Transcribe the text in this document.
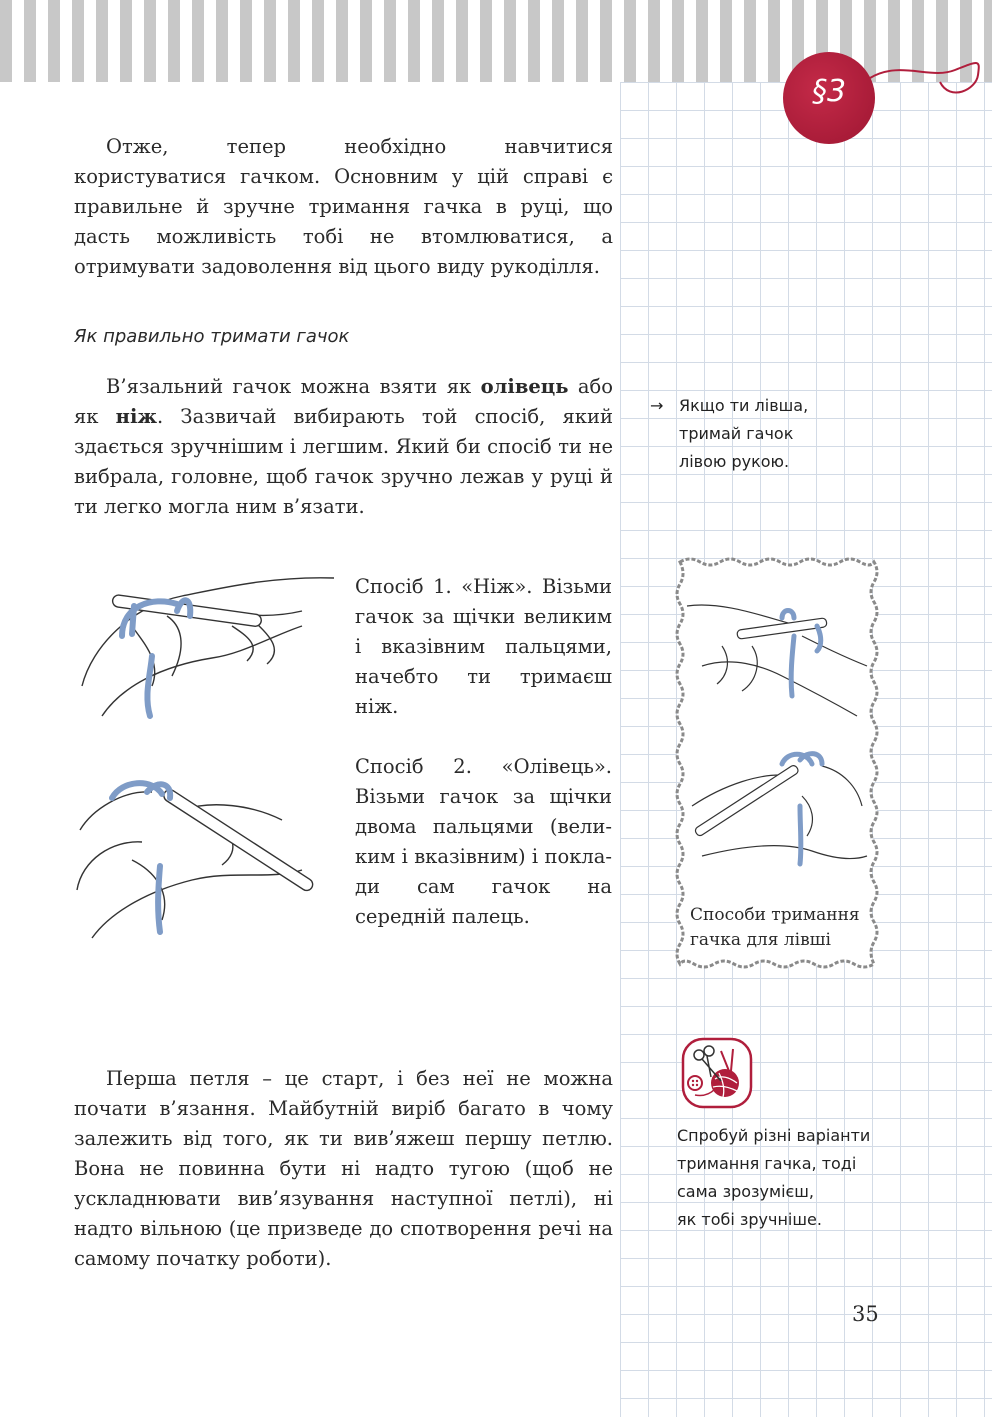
§3

Отже, тепер необхідно навчитися користуватися гачком. Основним у цій справі є правильне й зручне тримання гачка в руці, що дасть можливість тобі не втомлюватися, а отримувати задоволення від цього виду рукоділля.

Як правильно тримати гачок

В’язальний гачок можна взяти як олівець або як ніж. Зазвичай вибирають той спосіб, який здається зручнішим і легшим. Який би спосіб ти не вибрала, головне, щоб гачок зручно лежав у руці й ти легко могла ним в’язати.

Спосіб 1. «Ніж». Візьми гачок за щічки великим і вказівним пальцями, начебто ти тримаєш ніж.

Спосіб 2. «Олівець». Візьми гачок за щічки двома пальцями (великим і вказівним) і поклади сам гачок на середній палець.

Перша петля – це старт, і без неї не можна почати в’язання. Майбутній виріб багато в чому залежить від того, як ти вив’яжеш першу петлю. Вона не повинна бути ні надто тугою (щоб не ускладнювати вив’язування наступної петлі), ні надто вільною (це призведе до спотворення речі на самому початку роботи).

→ Якщо ти лівша,
тримай гачок
лівою рукою.
Способи тримання
гачка для лівші
Спробуй різні варіанти
тримання гачка, тоді
сама зрозумієш,
як тобі зручніше.
35
